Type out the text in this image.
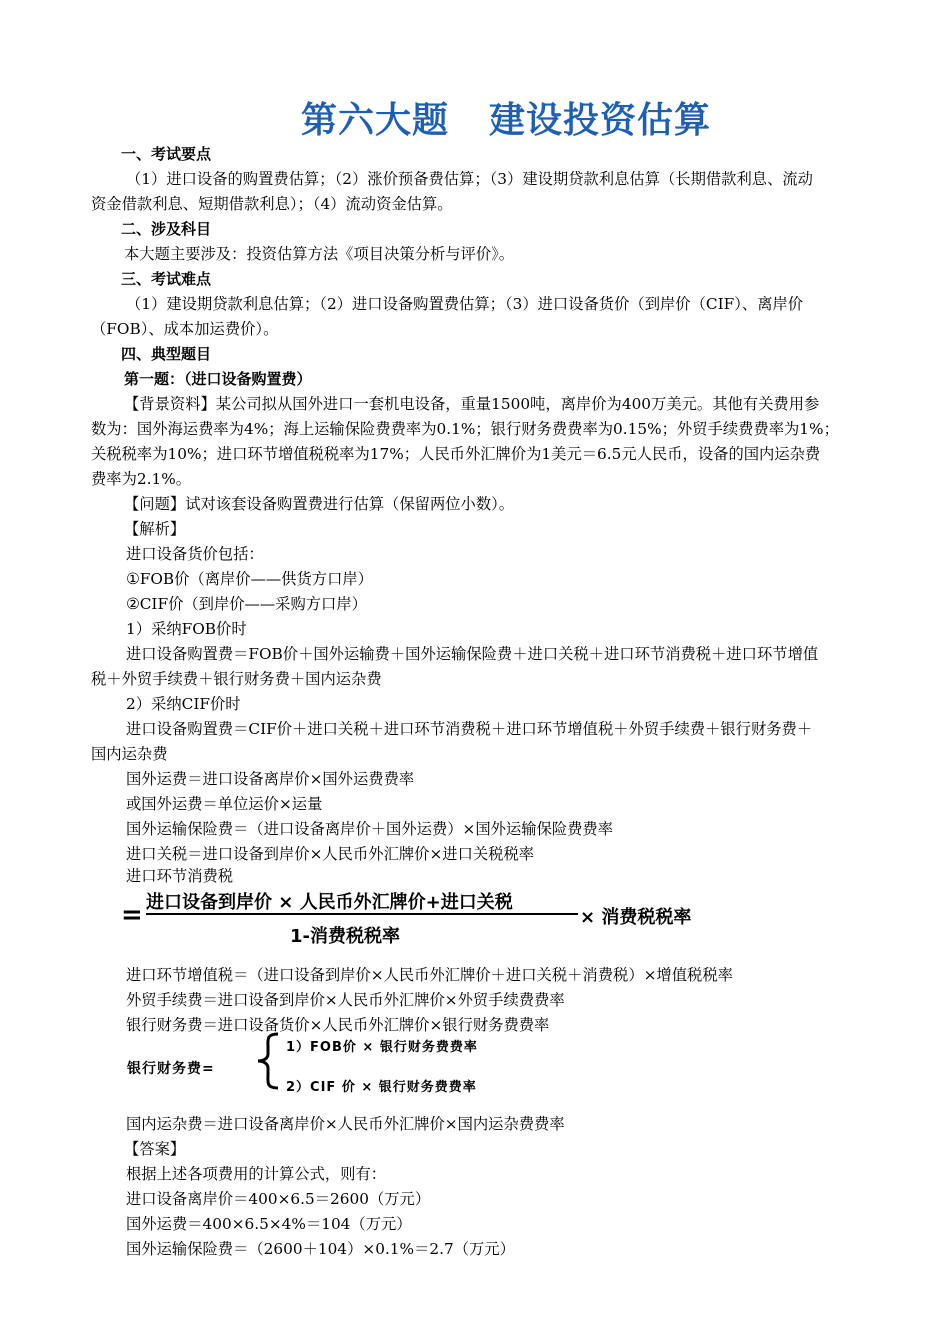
第六大题 建设投资估算
一、考试要点
（1）进口设备的购置费估算；（2）涨价预备费估算；（3）建设期贷款利息估算（长期借款利息、流动
资金借款利息、短期借款利息）；（4）流动资金估算。
二、涉及科目
本大题主要涉及：投资估算方法《项目决策分析与评价》。
三、考试难点
（1）建设期贷款利息估算；（2）进口设备购置费估算；（3）进口设备货价（到岸价（CIF）、离岸价
（FOB）、成本加运费价）。
四、典型题目
第一题：（进口设备购置费）
【背景资料】某公司拟从国外进口一套机电设备，重量1500吨，离岸价为400万美元。其他有关费用参
数为：国外海运费率为4%；海上运输保险费费率为0.1%；银行财务费费率为0.15%；外贸手续费费率为1%；
关税税率为10%；进口环节增值税税率为17%；人民币外汇牌价为1美元＝6.5元人民币，设备的国内运杂费
费率为2.1%。
【问题】试对该套设备购置费进行估算（保留两位小数）。
【解析】
进口设备货价包括：
①FOB价（离岸价——供货方口岸）
②CIF价（到岸价——采购方口岸）
1）采纳FOB价时
进口设备购置费＝FOB价＋国外运输费＋国外运输保险费＋进口关税＋进口环节消费税＋进口环节增值
税＋外贸手续费＋银行财务费＋国内运杂费
2）采纳CIF价时
进口设备购置费＝CIF价＋进口关税＋进口环节消费税＋进口环节增值税＋外贸手续费＋银行财务费＋
国内运杂费
国外运费＝进口设备离岸价×国外运费费率
或国外运费＝单位运价×运量
国外运输保险费＝（进口设备离岸价＋国外运费）×国外运输保险费费率
进口关税＝进口设备到岸价×人民币外汇牌价×进口关税税率
进口环节消费税
= 进口设备到岸价 × 人民币外汇牌价+进口关税
1-消费税税率
× 消费税税率
进口环节增值税＝（进口设备到岸价×人民币外汇牌价＋进口关税＋消费税）×增值税税率
外贸手续费＝进口设备到岸价×人民币外汇牌价×外贸手续费费率
银行财务费＝进口设备货价×人民币外汇牌价×银行财务费费率
银行财务费=
1）FOB价 × 银行财务费费率
2）CIF 价 × 银行财务费费率
国内运杂费＝进口设备离岸价×人民币外汇牌价×国内运杂费费率
【答案】
根据上述各项费用的计算公式，则有：
进口设备离岸价＝400×6.5＝2600（万元）
国外运费＝400×6.5×4%＝104（万元）
国外运输保险费＝（2600＋104）×0.1%＝2.7（万元）
